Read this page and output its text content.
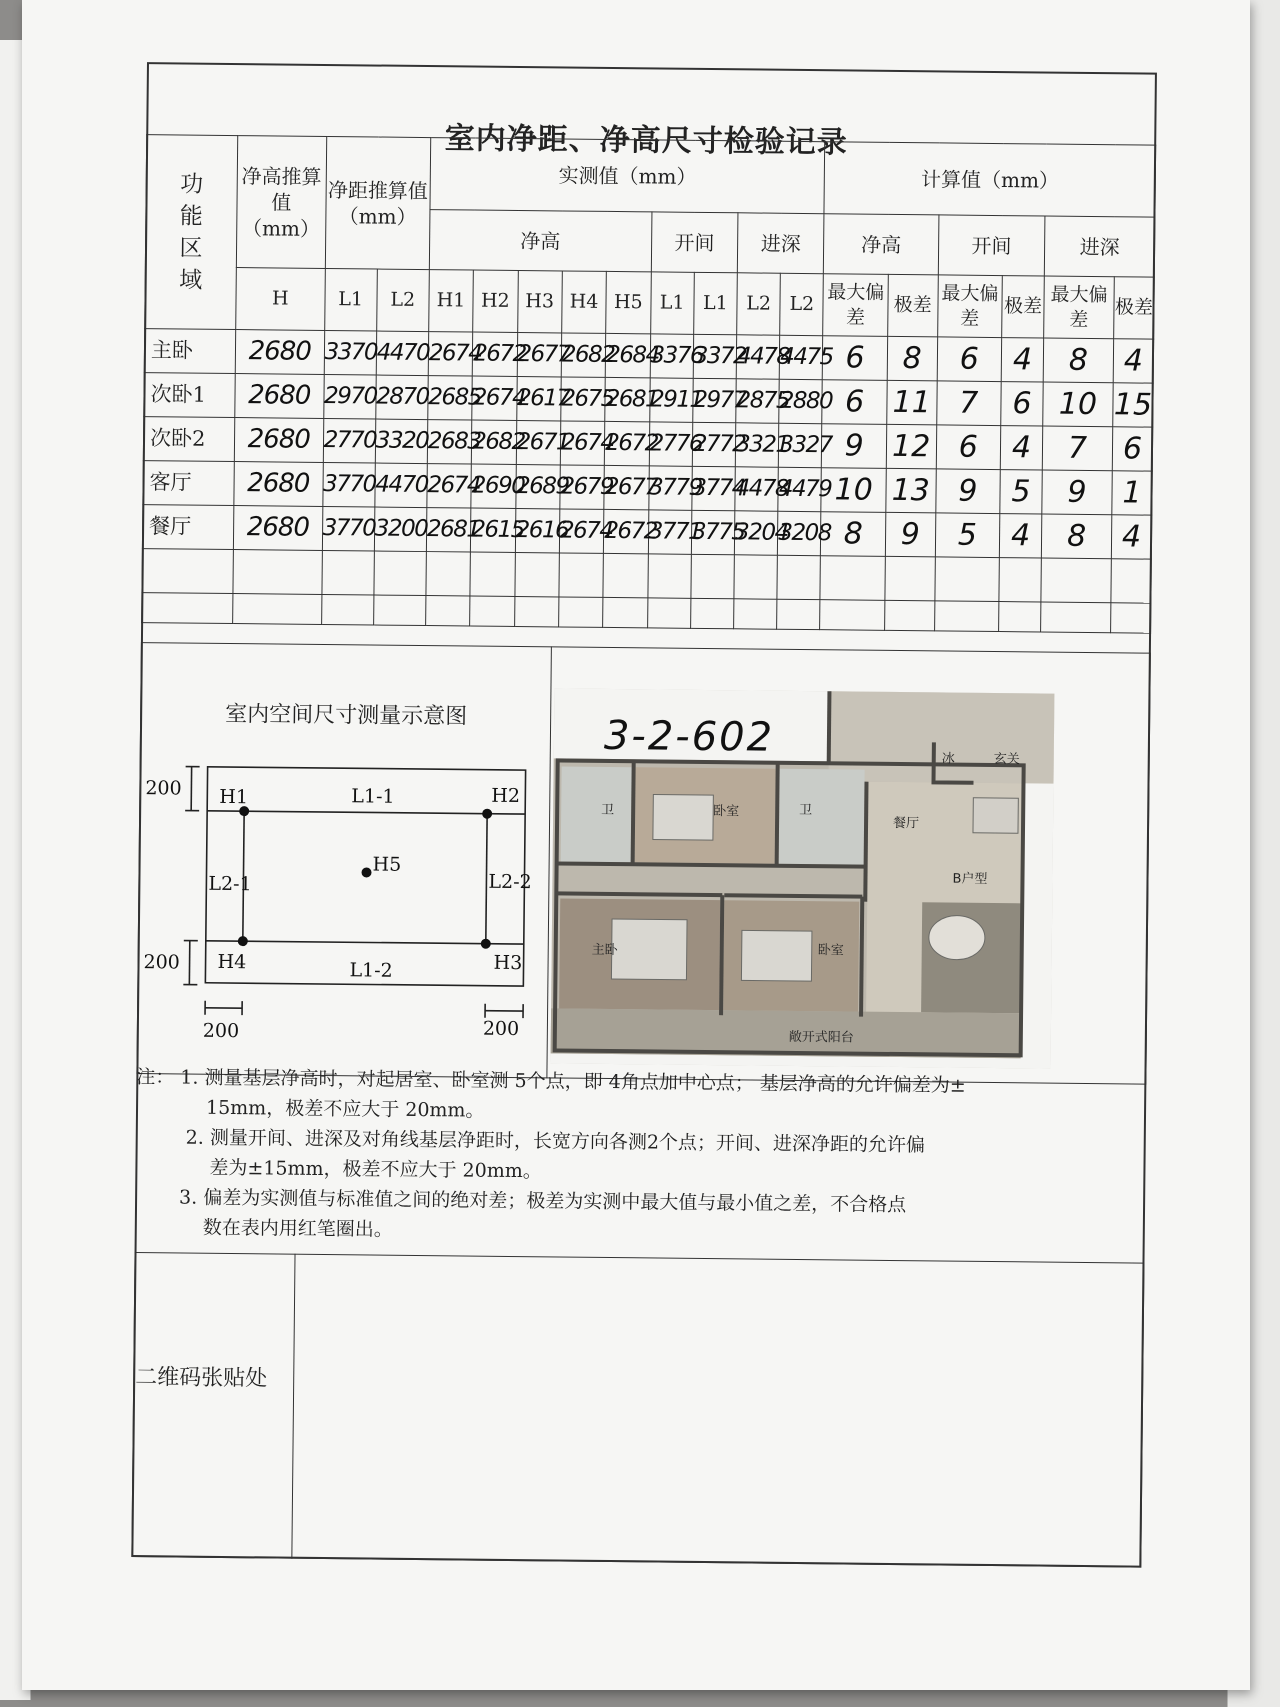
室内净距、净高尺寸检验记录
功
能
区
域	净高推算值（mm）	净距推算值（mm）		实测值（mm）									计算值（mm）					
				净高					开间		进深		净高		开间		进深	
	H	L1	L2	H1	H2	H3	H4	H5	L1	L1	L2	L2	最大偏差	极差	最大偏差	极差	最大偏差	极差
主卧	2680	3370	4470	2674	2672	2677	2682	2684	3376	3372	4478	4475	6	8	6	4	8	4
次卧1	2680	2970	2870	2685	2674	2617	2675	2681	2911	2977	2875	2880	6	11	7	6	10	15
次卧2	2680	2770	3320	2683	2682	2671	2674	2672	2776	2772	3321	3327	9	12	6	4	7	6
客厅	2680	3770	4470	2674	2690	2689	2679	2677	3779	3774	4478	4479	10	13	9	5	9	1
餐厅	2680	3770	3200	2681	2615	2616	2674	2672	3771	3775	3204	3208	8	9	5	4	8	4

室内空间尺寸测量示意图
H1	H2
H3
H4
H5
L1-1
L1-2
L2-1	L2-2
200
200
200	200
3-2-602
卫	卧室	卫
冰	玄关
餐厅
B户型
主卧	卧室
敞开式阳台

注： 1. 测量基层净高时，对起居室、卧室测 5个点，即 4角点加中心点； 基层净高的允许偏差为±

15mm，极差不应大于 20mm。

2. 测量开间、进深及对角线基层净距时，长宽方向各测2个点；开间、进深净距的允许偏

差为±15mm，极差不应大于 20mm。

3. 偏差为实测值与标准值之间的绝对差；极差为实测中最大值与最小值之差，不合格点

数在表内用红笔圈出。

二维码张贴处
